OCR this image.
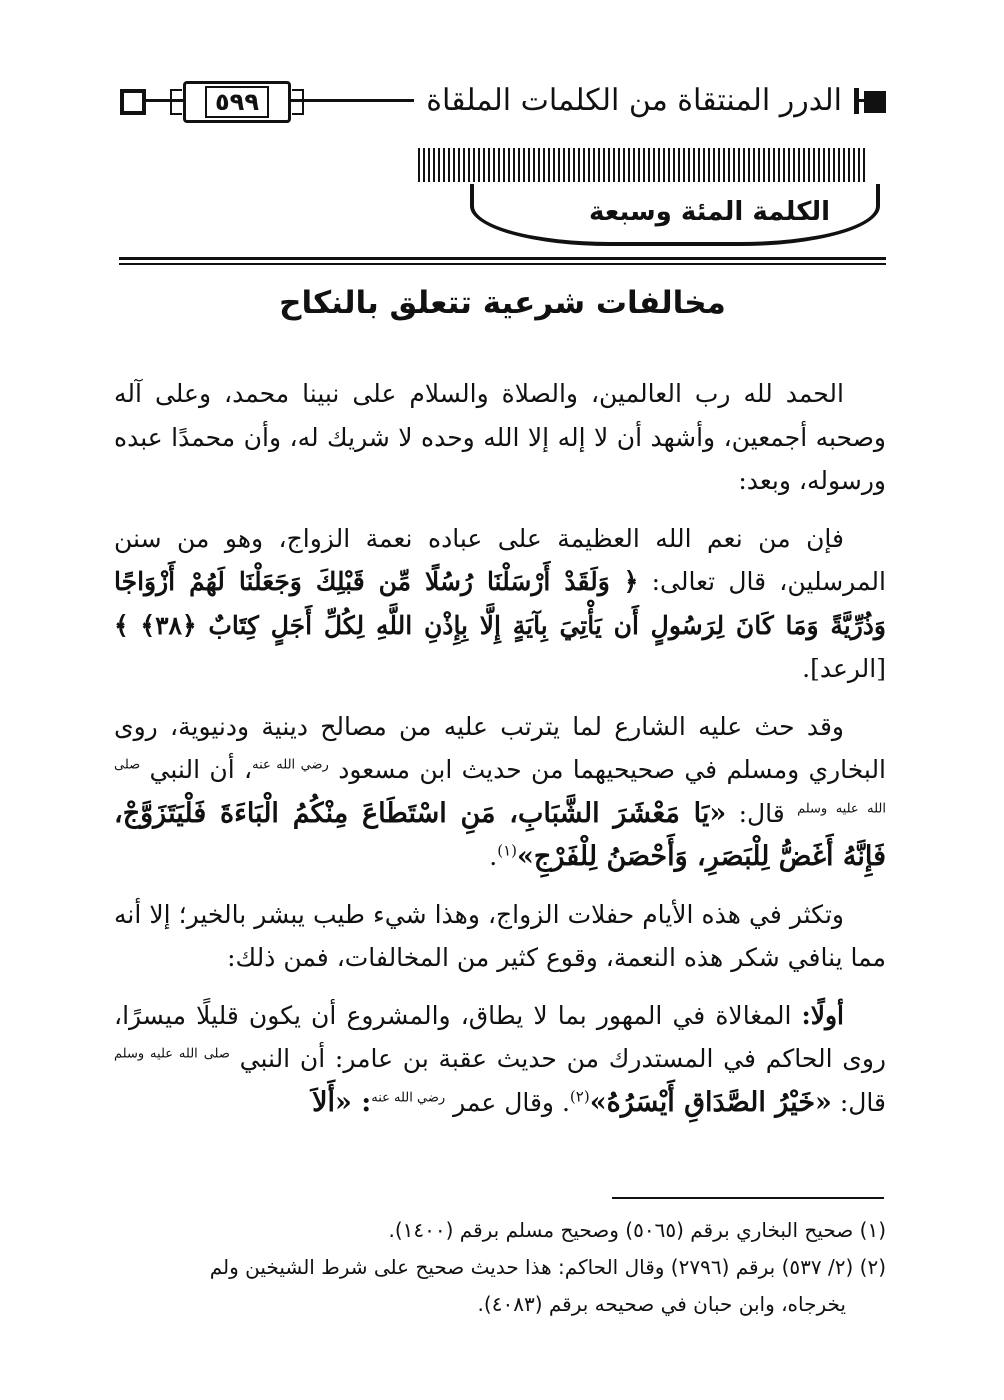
الدرر المنتقاة من الكلمات الملقاة
٥٩٩
الكلمة المئة وسبعة
مخالفات شرعية تتعلق بالنكاح

الحمد لله رب العالمين، والصلاة والسلام على نبينا محمد، وعلى آله وصحبه أجمعين، وأشهد أن لا إله إلا الله وحده لا شريك له، وأن محمدًا عبده ورسوله، وبعد:

فإن من نعم الله العظيمة على عباده نعمة الزواج، وهو من سنن المرسلين، قال تعالى: ﴿ وَلَقَدْ أَرْسَلْنَا رُسُلًا مِّن قَبْلِكَ وَجَعَلْنَا لَهُمْ أَزْوَاجًا وَذُرِّيَّةً وَمَا كَانَ لِرَسُولٍ أَن يَأْتِيَ بِآيَةٍ إِلَّا بِإِذْنِ اللَّهِ لِكُلِّ أَجَلٍ كِتَابٌ ﴿٣٨﴾ ﴾ [الرعد].

وقد حث عليه الشارع لما يترتب عليه من مصالح دينية ودنيوية، روى البخاري ومسلم في صحيحيهما من حديث ابن مسعود $^{رضي الله عنه}$، أن النبي $^{صلى الله عليه وسلم}$ قال: «يَا مَعْشَرَ الشَّبَابِ، مَنِ اسْتَطَاعَ مِنْكُمُ الْبَاءَةَ فَلْيَتَزَوَّجْ، فَإِنَّهُ أَغَضُّ لِلْبَصَرِ، وَأَحْصَنُ لِلْفَرْجِ»$^{(١)}$.

وتكثر في هذه الأيام حفلات الزواج، وهذا شيء طيب يبشر بالخير؛ إلا أنه مما ينافي شكر هذه النعمة، وقوع كثير من المخالفات، فمن ذلك:

أولًا: المغالاة في المهور بما لا يطاق، والمشروع أن يكون قليلًا ميسرًا، روى الحاكم في المستدرك من حديث عقبة بن عامر: أن النبي $^{صلى الله عليه وسلم}$ قال: «خَيْرُ الصَّدَاقِ أَيْسَرُهُ»$^{(٢)}$. وقال عمر $^{رضي الله عنه}$: «أَلاَ

(١) صحيح البخاري برقم (٥٠٦٥) وصحيح مسلم برقم (١٤٠٠).

(٢) (٢/ ٥٣٧) برقم (٢٧٩٦) وقال الحاكم: هذا حديث صحيح على شرط الشيخين ولم

يخرجاه، وابن حبان في صحيحه برقم (٤٠٨٣).
